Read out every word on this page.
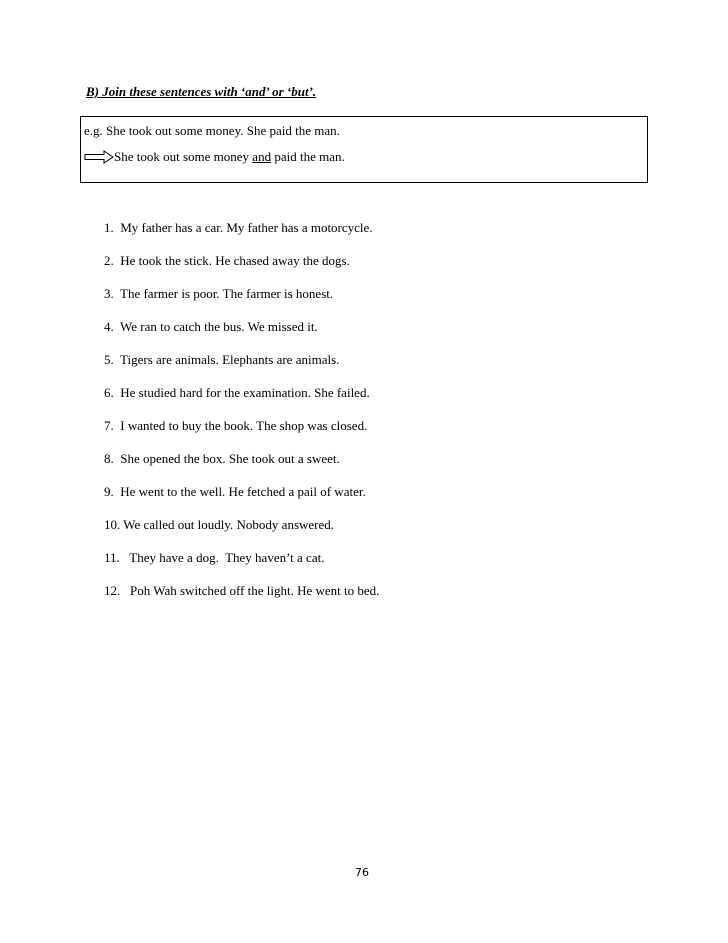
B) Join these sentences with ‘and’ or ‘but’.
e.g. She took out some money. She paid the man.
She took out some money and paid the man.
1. My father has a car. My father has a motorcycle.
2. He took the stick. He chased away the dogs.
3. The farmer is poor. The farmer is honest.
4. We ran to catch the bus. We missed it.
5. Tigers are animals. Elephants are animals.
6. He studied hard for the examination. She failed.
7. I wanted to buy the book. The shop was closed.
8. She opened the box. She took out a sweet.
9. He went to the well. He fetched a pail of water.
10. We called out loudly. Nobody answered.
11. They have a dog.  They haven’t a cat.
12. Poh Wah switched off the light. He went to bed.
76
